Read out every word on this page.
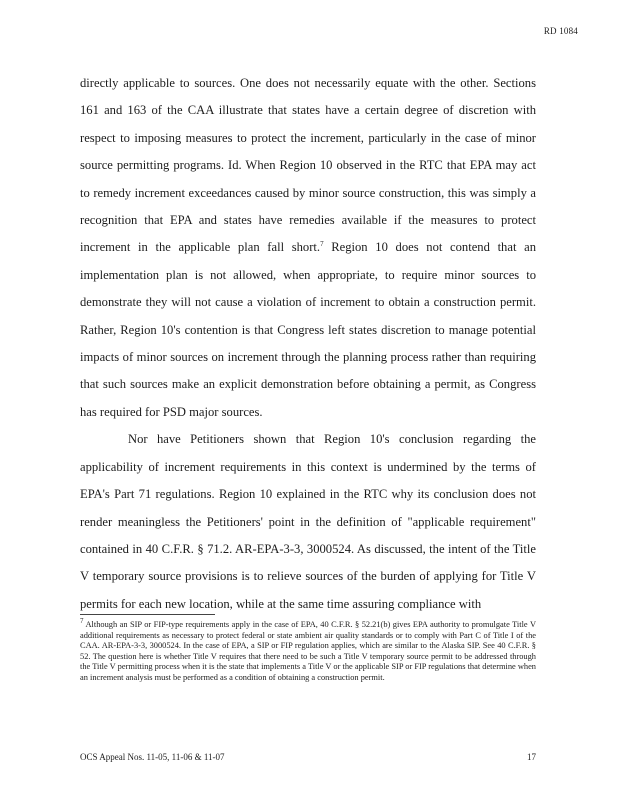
RD 1084

directly applicable to sources. One does not necessarily equate with the other. Sections 161 and 163 of the CAA illustrate that states have a certain degree of discretion with respect to imposing measures to protect the increment, particularly in the case of minor source permitting programs. Id. When Region 10 observed in the RTC that EPA may act to remedy increment exceedances caused by minor source construction, this was simply a recognition that EPA and states have remedies available if the measures to protect increment in the applicable plan fall short.$^7$ Region 10 does not contend that an implementation plan is not allowed, when appropriate, to require minor sources to demonstrate they will not cause a violation of increment to obtain a construction permit. Rather, Region 10's contention is that Congress left states discretion to manage potential impacts of minor sources on increment through the planning process rather than requiring that such sources make an explicit demonstration before obtaining a permit, as Congress has required for PSD major sources.

Nor have Petitioners shown that Region 10's conclusion regarding the applicability of increment requirements in this context is undermined by the terms of EPA's Part 71 regulations. Region 10 explained in the RTC why its conclusion does not render meaningless the Petitioners' point in the definition of "applicable requirement" contained in 40 C.F.R. § 71.2. AR-EPA-3-3, 3000524. As discussed, the intent of the Title V temporary source provisions is to relieve sources of the burden of applying for Title V permits for each new location, while at the same time assuring compliance with

$^7$ Although an SIP or FIP-type requirements apply in the case of EPA, 40 C.F.R. § 52.21(b) gives EPA authority to promulgate Title V additional requirements as necessary to protect federal or state ambient air quality standards or to comply with Part C of Title I of the CAA. AR-EPA-3-3, 3000524. In the case of EPA, a SIP or FIP regulation applies, which are similar to the Alaska SIP. See 40 C.F.R. § 52. The question here is whether Title V requires that there need to be such a Title V temporary source permit to be addressed through the Title V permitting process when it is the state that implements a Title V or the applicable SIP or FIP regulations that determine when an increment analysis must be performed as a condition of obtaining a construction permit.
OCS Appeal Nos. 11-05, 11-06 & 11-07	17
